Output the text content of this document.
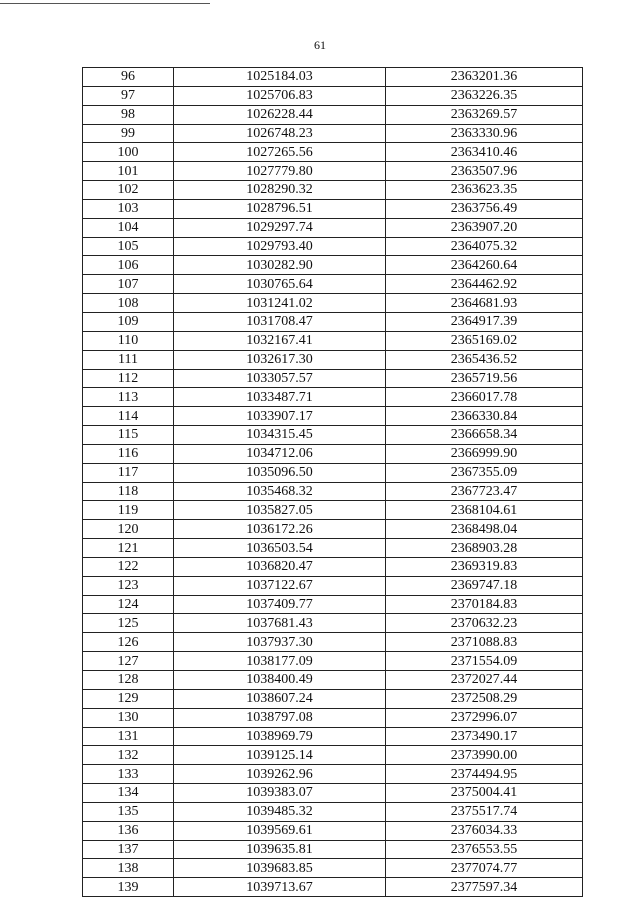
61
96	1025184.03	2363201.36
97	1025706.83	2363226.35
98	1026228.44	2363269.57
99	1026748.23	2363330.96
100	1027265.56	2363410.46
101	1027779.80	2363507.96
102	1028290.32	2363623.35
103	1028796.51	2363756.49
104	1029297.74	2363907.20
105	1029793.40	2364075.32
106	1030282.90	2364260.64
107	1030765.64	2364462.92
108	1031241.02	2364681.93
109	1031708.47	2364917.39
110	1032167.41	2365169.02
111	1032617.30	2365436.52
112	1033057.57	2365719.56
113	1033487.71	2366017.78
114	1033907.17	2366330.84
115	1034315.45	2366658.34
116	1034712.06	2366999.90
117	1035096.50	2367355.09
118	1035468.32	2367723.47
119	1035827.05	2368104.61
120	1036172.26	2368498.04
121	1036503.54	2368903.28
122	1036820.47	2369319.83
123	1037122.67	2369747.18
124	1037409.77	2370184.83
125	1037681.43	2370632.23
126	1037937.30	2371088.83
127	1038177.09	2371554.09
128	1038400.49	2372027.44
129	1038607.24	2372508.29
130	1038797.08	2372996.07
131	1038969.79	2373490.17
132	1039125.14	2373990.00
133	1039262.96	2374494.95
134	1039383.07	2375004.41
135	1039485.32	2375517.74
136	1039569.61	2376034.33
137	1039635.81	2376553.55
138	1039683.85	2377074.77
139	1039713.67	2377597.34
